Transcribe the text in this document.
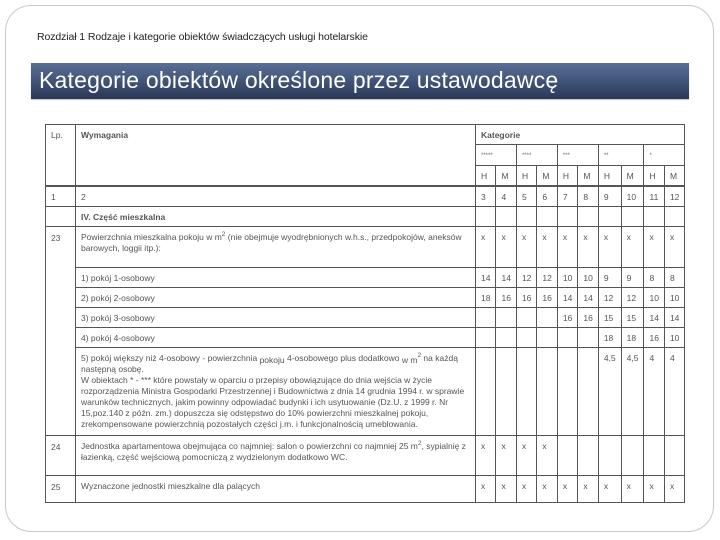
Rozdział 1 Rodzaje i kategorie obiektów świadczących usługi hotelarskie
Kategorie obiektów określone przez ustawodawcę
Lp.	Wymagania	Kategorie									
		*****		****		***		**		*	
		H	M	H	M	H	M	H	M	H	M
1	2	3	4	5	6	7	8	9	10	11	12
	IV. Część mieszkalna										
23	Powierzchnia mieszkalna pokoju w $m^2$ (nie obejmuje wyodrębnionych w.h.s., przedpokojów, aneksów barowych, loggii itp.):	x	x	x	x	x	x	x	x	x	x
	1) pokój 1-osobowy	14	14	12	12	10	10	9	9	8	8
	2) pokój 2-osobowy	18	16	16	16	14	14	12	12	10	10
	3) pokój 3-osobowy					16	16	15	15	14	14
	4) pokój 4-osobowy							18	18	16	10
	5) pokój większy niż 4-osobowy - powierzchnia pokoju 4-osobowego plus dodatkowo w $m^2$ na każdą następną osobę.
W obiektach * - *** które powstały w oparciu o przepisy obowiązujące do dnia wejścia w życie rozporządzenia Ministra Gospodarki Przestrzennej i Budownictwa z dnia 14 grudnia 1994 r. w sprawie warunków technicznych, jakim powinny odpowiadać budynki i ich usytuowanie (Dz.U. z 1999 r. Nr 15,poz.140 z późn. zm.) dopuszcza się odstępstwo do 10% powierzchni mieszkalnej pokoju, zrekompensowane powierzchnią pozostałych części j.m. i funkcjonalnością umeblowania.							4,5	4,5	4	4
24	Jednostka apartamentowa obejmująca co najmniej: salon o powierzchni co najmniej 25 $m^2$, sypialnię z łazienką, część wejściową pomocniczą z wydzielonym dodatkowo WC.	x	x	x	x						
25	Wyznaczone jednostki mieszkalne dla palących	x	x	x	x	x	x	x	x	x	x
